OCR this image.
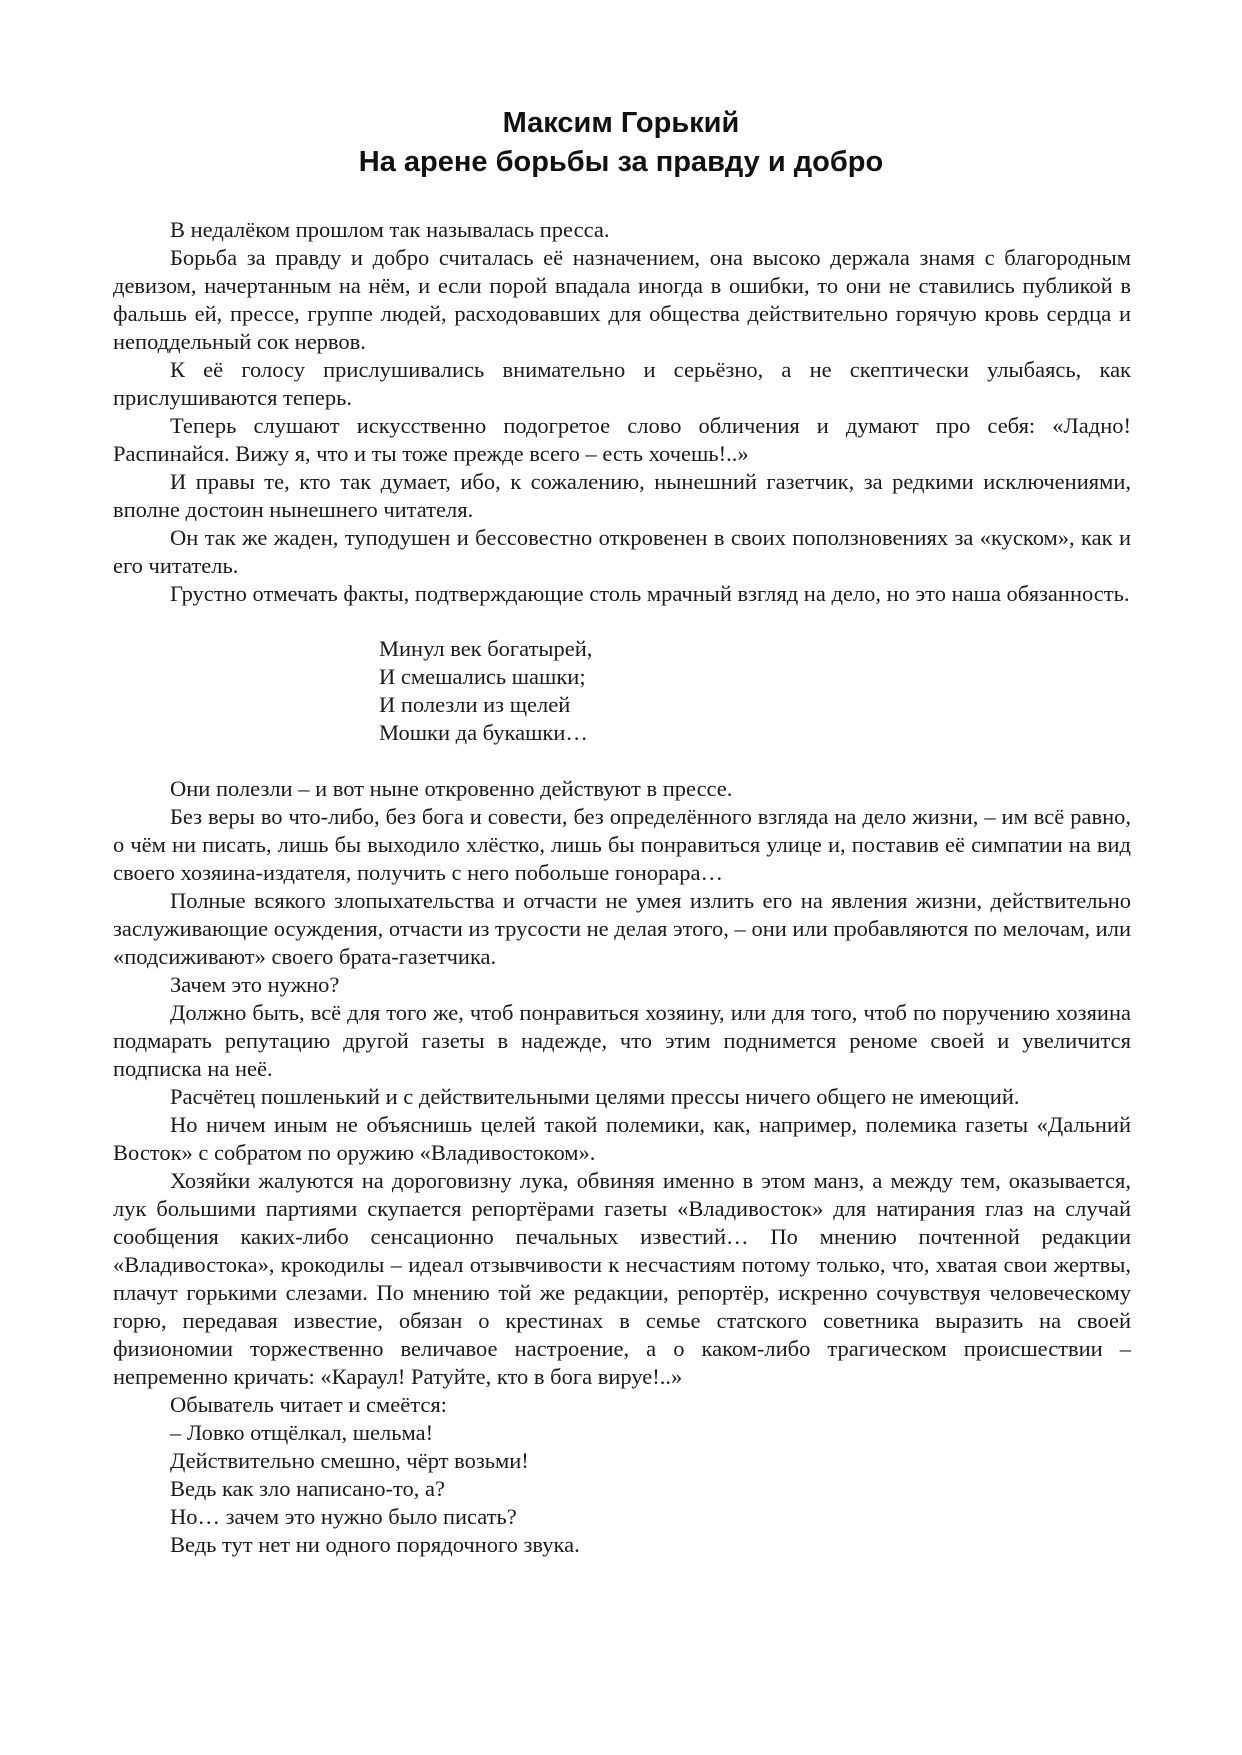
Максим Горький
На арене борьбы за правду и добро

В недалёком прошлом так называлась пресса.

Борьба за правду и добро считалась её назначением, она высоко держала знамя с благородным девизом, начертанным на нём, и если порой впадала иногда в ошибки, то они не ставились публикой в фальшь ей, прессе, группе людей, расходовавших для общества действительно горячую кровь сердца и неподдельный сок нервов.

К её голосу прислушивались внимательно и серьёзно, а не скептически улыбаясь, как прислушиваются теперь.

Теперь слушают искусственно подогретое слово обличения и думают про себя: «Ладно! Распинайся. Вижу я, что и ты тоже прежде всего – есть хочешь!..»

И правы те, кто так думает, ибо, к сожалению, нынешний газетчик, за редкими исключениями, вполне достоин нынешнего читателя.

Он так же жаден, туподушен и бессовестно откровенен в своих поползновениях за «куском», как и его читатель.

Грустно отмечать факты, подтверждающие столь мрачный взгляд на дело, но это наша обязанность.

Минул век богатырей,

И смешались шашки;

И полезли из щелей

Мошки да букашки…

Они полезли – и вот ныне откровенно действуют в прессе.

Без веры во что-либо, без бога и совести, без определённого взгляда на дело жизни, – им всё равно, о чём ни писать, лишь бы выходило хлёстко, лишь бы понравиться улице и, поставив её симпатии на вид своего хозяина-издателя, получить с него побольше гонорара…

Полные всякого злопыхательства и отчасти не умея излить его на явления жизни, действительно заслуживающие осуждения, отчасти из трусости не делая этого, – они или пробавляются по мелочам, или «подсиживают» своего брата-газетчика.

Зачем это нужно?

Должно быть, всё для того же, чтоб понравиться хозяину, или для того, чтоб по поручению хозяина подмарать репутацию другой газеты в надежде, что этим поднимется реноме своей и увеличится подписка на неё.

Расчётец пошленький и с действительными целями прессы ничего общего не имеющий.

Но ничем иным не объяснишь целей такой полемики, как, например, полемика газеты «Дальний Восток» с собратом по оружию «Владивостоком».

Хозяйки жалуются на дороговизну лука, обвиняя именно в этом манз, а между тем, оказывается, лук большими партиями скупается репортёрами газеты «Владивосток» для натирания глаз на случай сообщения каких-либо сенсационно печальных известий… По мнению почтенной редакции «Владивостока», крокодилы – идеал отзывчивости к несчастиям потому только, что, хватая свои жертвы, плачут горькими слезами. По мнению той же редакции, репортёр, искренно сочувствуя человеческому горю, передавая известие, обязан о крестинах в семье статского советника выразить на своей физиономии торжественно величавое настроение, а о каком-либо трагическом происшествии – непременно кричать: «Караул! Ратуйте, кто в бога вируе!..»

Обыватель читает и смеётся:

– Ловко отщёлкал, шельма!

Действительно смешно, чёрт возьми!

Ведь как зло написано-то, а?

Но… зачем это нужно было писать?

Ведь тут нет ни одного порядочного звука.
